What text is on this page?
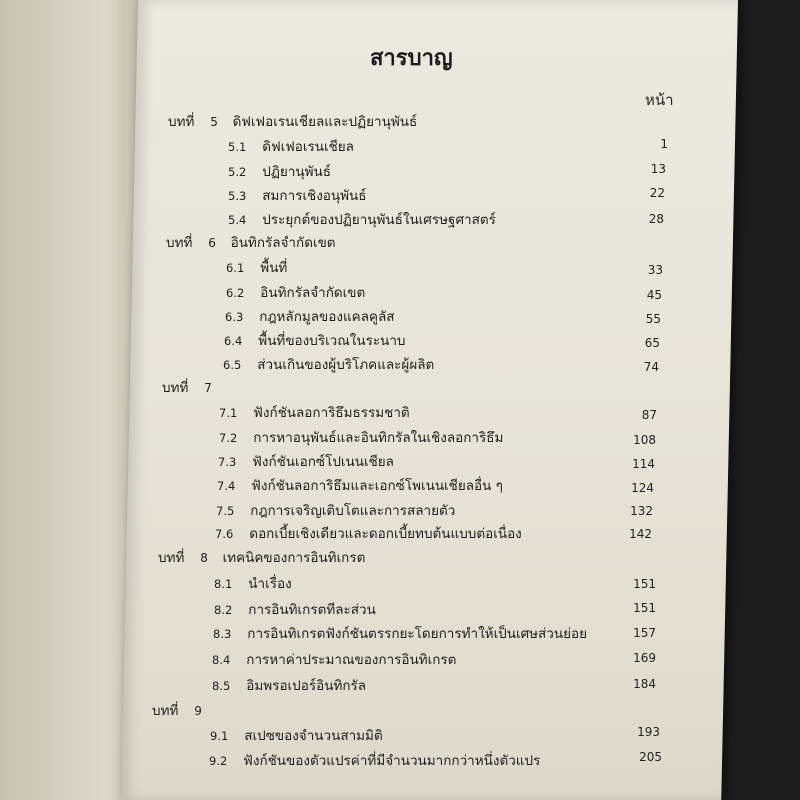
สารบาญ
หน้า
บทที่ 5 ดิฟเฟอเรนเชียลและปฏิยานุพันธ์
5.1 ดิฟเฟอเรนเชียล	1
5.2 ปฏิยานุพันธ์	13
5.3 สมการเชิงอนุพันธ์	22
5.4 ประยุกต์ของปฏิยานุพันธ์ในเศรษฐศาสตร์	28
บทที่ 6 อินทิกรัลจำกัดเขต
6.1 พื้นที่	33
6.2 อินทิกรัลจำกัดเขต	45
6.3 กฎหลักมูลของแคลคูลัส	55
6.4 พื้นที่ของบริเวณในระนาบ	65
6.5 ส่วนเกินของผู้บริโภคและผู้ผลิต	74
บทที่ 7
7.1 ฟังก์ชันลอการิธึมธรรมชาติ	87
7.2 การหาอนุพันธ์และอินทิกรัลในเชิงลอการิธึม	108
7.3 ฟังก์ชันเอกซ์โปเนนเชียล	114
7.4 ฟังก์ชันลอการิธึมและเอกซ์โพเนนเชียลอื่น ๆ	124
7.5 กฎการเจริญเติบโตและการสลายตัว	132
7.6 ดอกเบี้ยเชิงเดียวและดอกเบี้ยทบต้นแบบต่อเนื่อง	142
บทที่ 8 เทคนิคของการอินทิเกรต
8.1 นำเรื่อง	151
8.2 การอินทิเกรตทีละส่วน	151
8.3 การอินทิเกรตฟังก์ชันตรรกยะโดยการทำให้เป็นเศษส่วนย่อย	157
8.4 การหาค่าประมาณของการอินทิเกรต	169
8.5 อิมพรอเปอร์อินทิกรัล	184
บทที่ 9
9.1 สเปซของจำนวนสามมิติ	193
9.2 ฟังก์ชันของตัวแปรค่าที่มีจำนวนมากกว่าหนึ่งตัวแปร	205
